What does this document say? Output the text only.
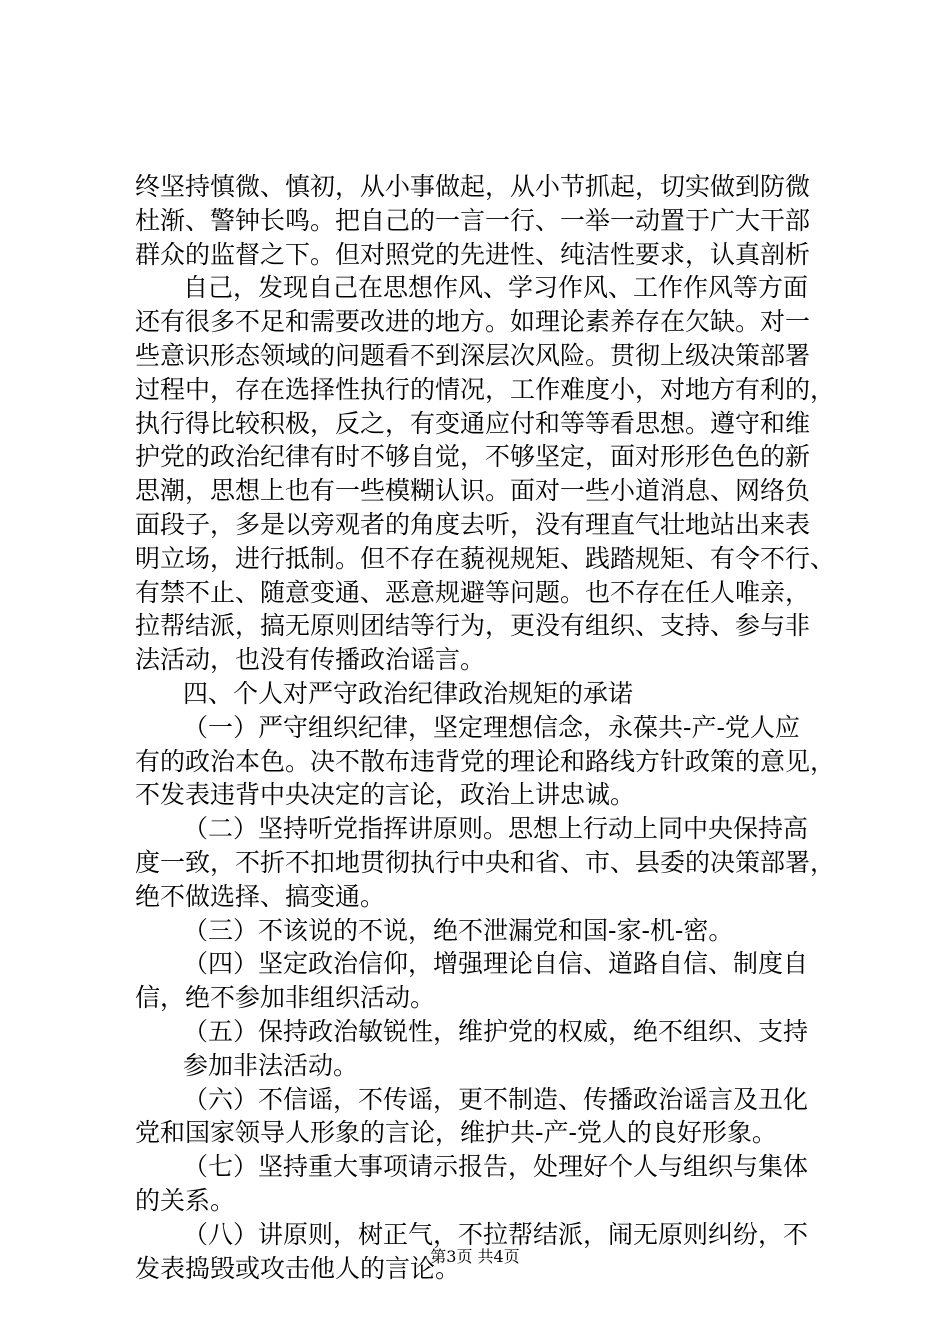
终坚持慎微、慎初，从小事做起，从小节抓起，切实做到防微
杜渐、警钟长鸣。把自己的一言一行、一举一动置于广大干部
群众的监督之下。但对照党的先进性、纯洁性要求，认真剖析
自己，发现自己在思想作风、学习作风、工作作风等方面
还有很多不足和需要改进的地方。如理论素养存在欠缺。对一
些意识形态领域的问题看不到深层次风险。贯彻上级决策部署
过程中，存在选择性执行的情况，工作难度小，对地方有利的，
执行得比较积极，反之，有变通应付和等等看思想。遵守和维
护党的政治纪律有时不够自觉，不够坚定，面对形形色色的新
思潮，思想上也有一些模糊认识。面对一些小道消息、网络负
面段子，多是以旁观者的角度去听，没有理直气壮地站出来表
明立场，进行抵制。但不存在藐视规矩、践踏规矩、有令不行、
有禁不止、随意变通、恶意规避等问题。也不存在任人唯亲，
拉帮结派，搞无原则团结等行为，更没有组织、支持、参与非
法活动，也没有传播政治谣言。
四、个人对严守政治纪律政治规矩的承诺
（一）严守组织纪律，坚定理想信念，永葆共-产-党人应
有的政治本色。决不散布违背党的理论和路线方针政策的意见，
不发表违背中央决定的言论，政治上讲忠诚。
（二）坚持听党指挥讲原则。思想上行动上同中央保持高
度一致，不折不扣地贯彻执行中央和省、市、县委的决策部署，
绝不做选择、搞变通。
（三）不该说的不说，绝不泄漏党和国-家-机-密。
（四）坚定政治信仰，增强理论自信、道路自信、制度自
信，绝不参加非组织活动。
（五）保持政治敏锐性，维护党的权威，绝不组织、支持
参加非法活动。
（六）不信谣，不传谣，更不制造、传播政治谣言及丑化
党和国家领导人形象的言论，维护共-产-党人的良好形象。
（七）坚持重大事项请示报告，处理好个人与组织与集体
的关系。
（八）讲原则，树正气，不拉帮结派，闹无原则纠纷，不
发表捣毁或攻击他人的言论。
第3页 共4页
